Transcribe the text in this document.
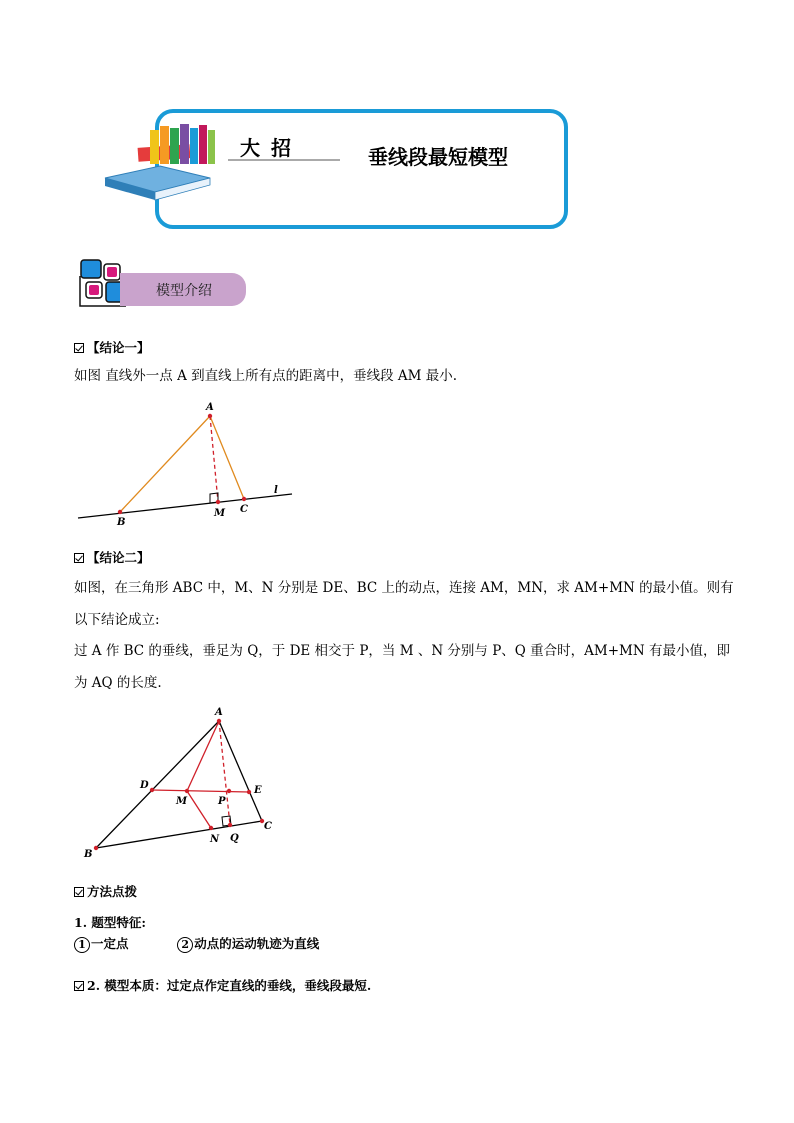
大 招	垂线段最短模型
模型介绍
【结论一】
如图 直线外一点 A 到直线上所有点的距离中，垂线段 AM 最小.
A
B
M C
l
【结论二】
如图，在三角形 ABC 中，M、N 分别是 DE、BC 上的动点，连接 AM，MN，求 AM+MN 的最小值。则有
以下结论成立:
过 A 作 BC 的垂线，垂足为 Q，于 DE 相交于 P，当 M 、N 分别与 P、Q 重合时，AM+MN 有最小值，即
为 AQ 的长度.
A
D	E
M	P
N Q
C
B
方法点拨
1. 题型特征:
1 一定点	2 动点的运动轨迹为直线
2. 模型本质：过定点作定直线的垂线，垂线段最短.
